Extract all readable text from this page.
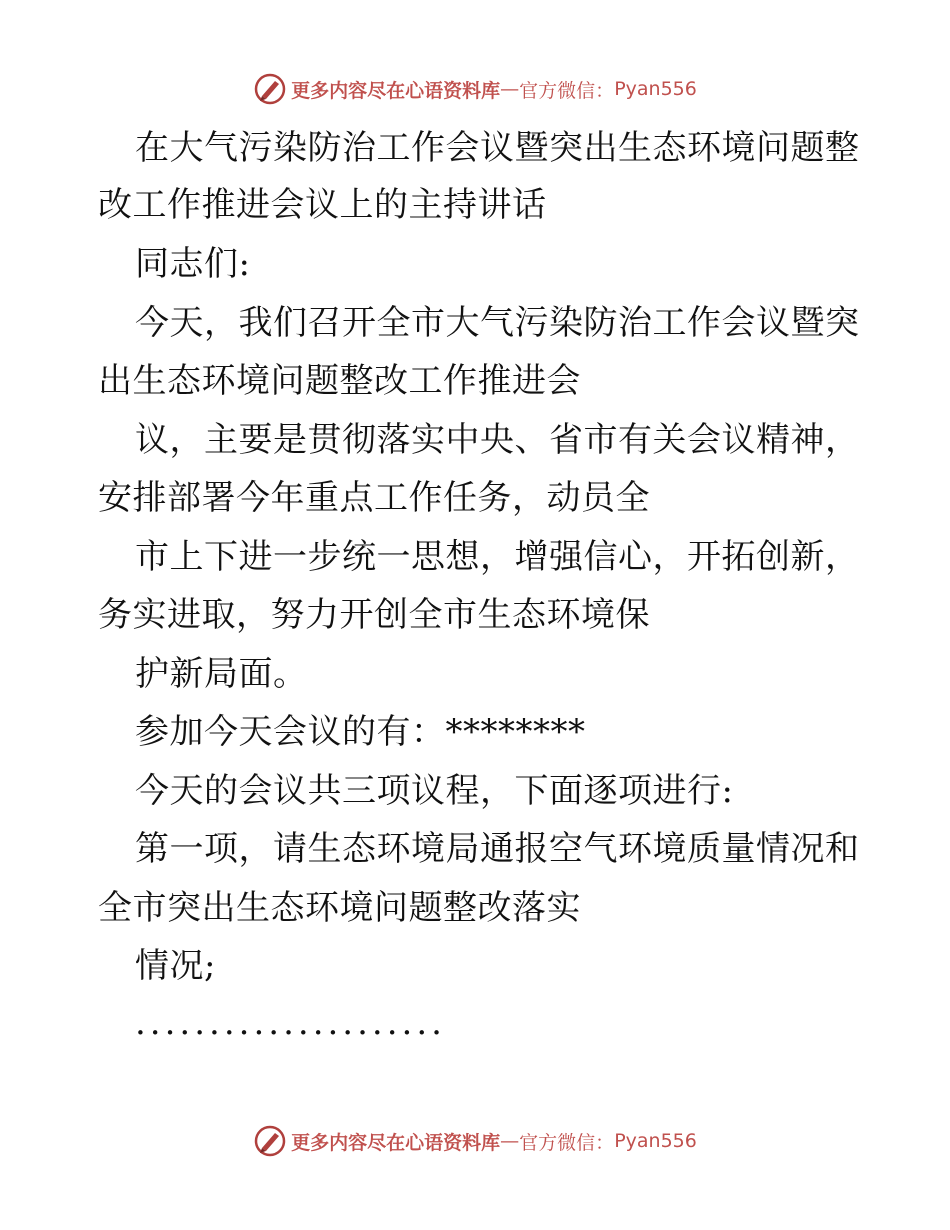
更多内容尽在心语资料库 — 官方微信： Pyan556
在大气污染防治工作会议暨突出生态环境问题整
改工作推进会议上的主持讲话
同志们:
今天，我们召开全市大气污染防治工作会议暨突
出生态环境问题整改工作推进会
议，主要是贯彻落实中央、省市有关会议精神，
安排部署今年重点工作任务，动员全
市上下进一步统一思想，增强信心，开拓创新，
务实进取，努力开创全市生态环境保
护新局面。
参加今天会议的有：********
今天的会议共三项议程，下面逐项进行:
第一项，请生态环境局通报空气环境质量情况和
全市突出生态环境问题整改落实
情况;
.....................
更多内容尽在心语资料库 — 官方微信： Pyan556
